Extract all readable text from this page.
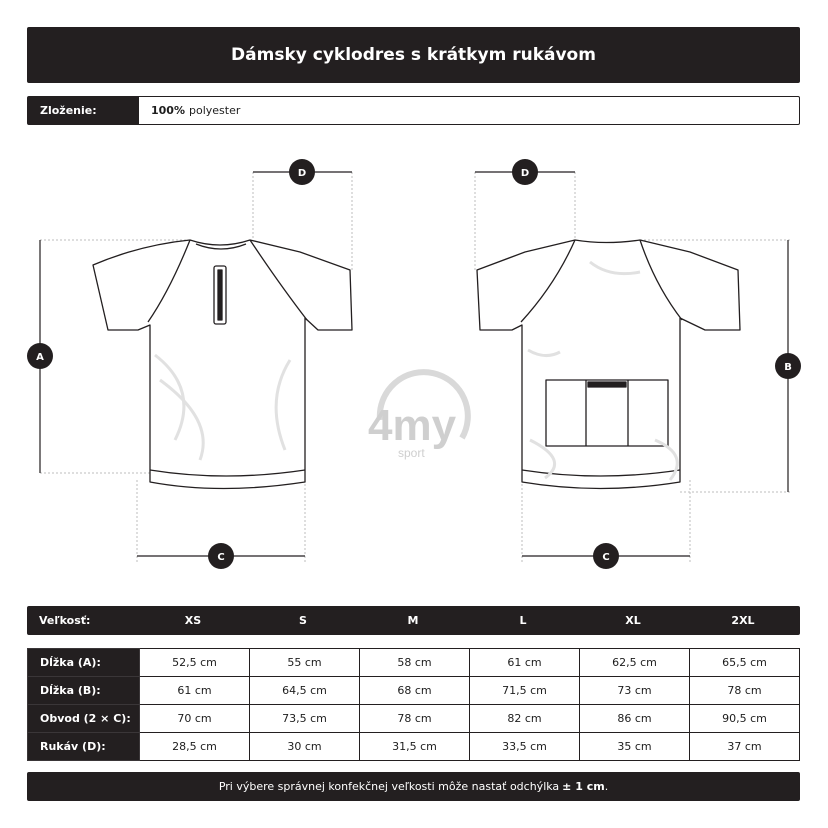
Dámsky cyklodres s krátkym rukávom
Zloženie:	100% polyester
4my
sport
D	D
A
B
C	C
Veľkosť:	XS	S	M	L	XL	2XL
Dĺžka (A):	52,5 cm	55 cm	58 cm	61 cm	62,5 cm	65,5 cm
Dĺžka (B):	61 cm	64,5 cm	68 cm	71,5 cm	73 cm	78 cm
Obvod (2 × C):	70 cm	73,5 cm	78 cm	82 cm	86 cm	90,5 cm
Rukáv (D):	28,5 cm	30 cm	31,5 cm	33,5 cm	35 cm	37 cm
Pri výbere správnej konfekčnej veľkosti môže nastať odchýlka ± 1 cm .
